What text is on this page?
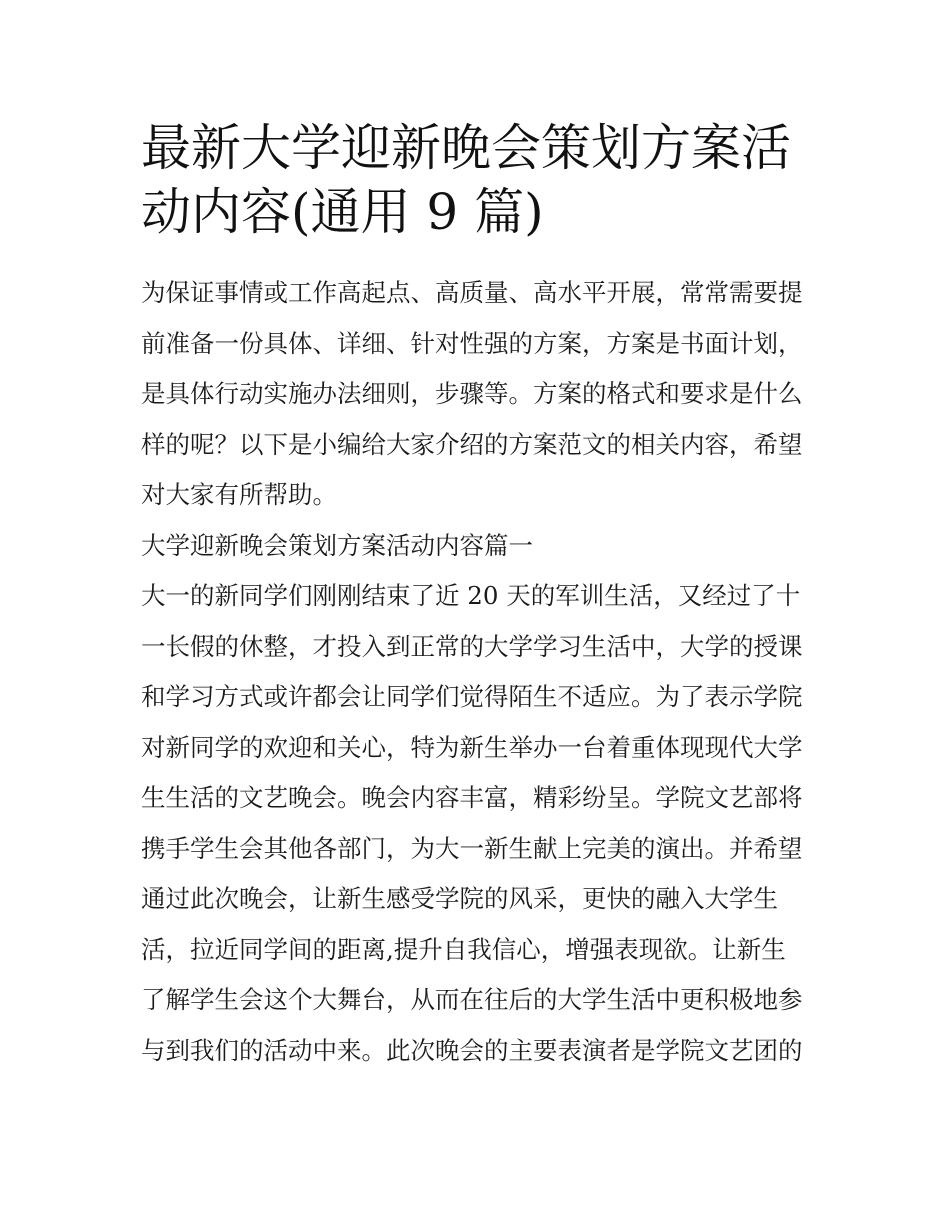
最新大学迎新晚会策划方案活
动内容(通用 9 篇)

为保证事情或工作高起点、高质量、高水平开展，常常需要提
前准备一份具体、详细、针对性强的方案，方案是书面计划，
是具体行动实施办法细则，步骤等。方案的格式和要求是什么
样的呢？以下是小编给大家介绍的方案范文的相关内容，希望
对大家有所帮助。

大学迎新晚会策划方案活动内容篇一

大一的新同学们刚刚结束了近 20 天的军训生活，又经过了十
一长假的休整，才投入到正常的大学学习生活中，大学的授课
和学习方式或许都会让同学们觉得陌生不适应。为了表示学院
对新同学的欢迎和关心，特为新生举办一台着重体现现代大学
生生活的文艺晚会。晚会内容丰富，精彩纷呈。学院文艺部将
携手学生会其他各部门，为大一新生献上完美的演出。并希望
通过此次晚会，让新生感受学院的风采，更快的融入大学生
活，拉近同学间的距离,提升自我信心，增强表现欲。让新生
了解学生会这个大舞台，从而在往后的大学生活中更积极地参
与到我们的活动中来。此次晚会的主要表演者是学院文艺团的
